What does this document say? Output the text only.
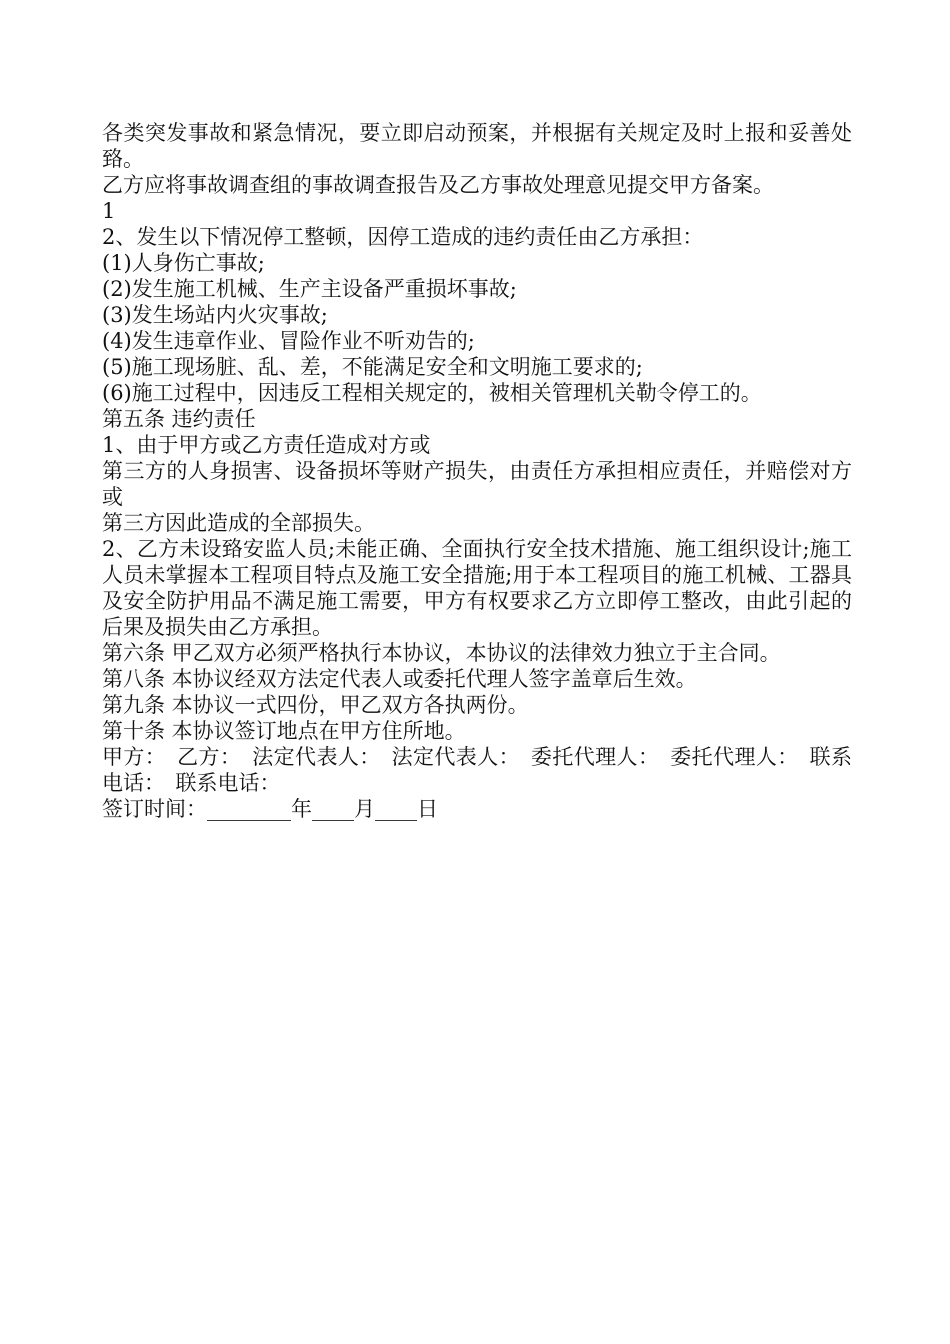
各类突发事故和紧急情况，要立即启动预案，并根据有关规定及时上报和妥善处臵。

乙方应将事故调查组的事故调查报告及乙方事故处理意见提交甲方备案。

1

2、发生以下情况停工整顿，因停工造成的违约责任由乙方承担：

(1)人身伤亡事故;

(2)发生施工机械、生产主设备严重损坏事故;

(3)发生场站内火灾事故;

(4)发生违章作业、冒险作业不听劝告的;

(5)施工现场脏、乱、差，不能满足安全和文明施工要求的;

(6)施工过程中，因违反工程相关规定的，被相关管理机关勒令停工的。

第五条 违约责任

1、由于甲方或乙方责任造成对方或

第三方的人身损害、设备损坏等财产损失，由责任方承担相应责任，并赔偿对方或

第三方因此造成的全部损失。

2、乙方未设臵安监人员;未能正确、全面执行安全技术措施、施工组织设计;施工人员未掌握本工程项目特点及施工安全措施;用于本工程项目的施工机械、工器具及安全防护用品不满足施工需要，甲方有权要求乙方立即停工整改，由此引起的后果及损失由乙方承担。

第六条 甲乙双方必须严格执行本协议，本协议的法律效力独立于主合同。

第八条 本协议经双方法定代表人或委托代理人签字盖章后生效。

第九条 本协议一式四份，甲乙双方各执两份。

第十条 本协议签订地点在甲方住所地。

甲方：　乙方：　法定代表人：　法定代表人：　委托代理人：　委托代理人：　联系电话：　联系电话：

签订时间：________年____月____日
